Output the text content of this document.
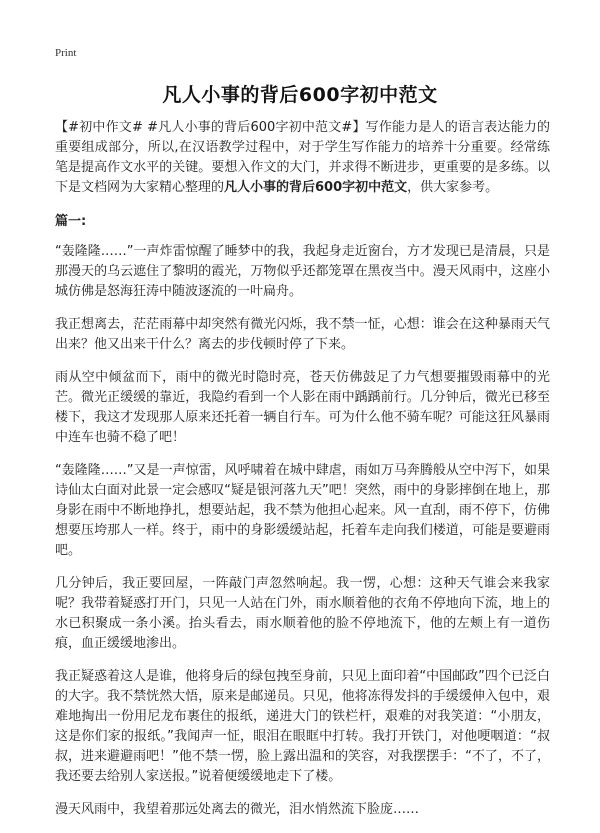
Print
凡人小事的背后600字初中范文

【#初中作文# #凡人小事的背后600字初中范文#】写作能力是人的语言表达能力的重要组成部分，所以,在汉语教学过程中，对于学生写作能力的培养十分重要。经常练笔是提高作文水平的关键。要想入作文的大门，并求得不断进步，更重要的是多练。以下是文档网为大家精心整理的凡人小事的背后600字初中范文，供大家参考。

篇一:

“轰隆隆……”一声炸雷惊醒了睡梦中的我，我起身走近窗台，方才发现已是清晨，只是那漫天的乌云遮住了黎明的霞光，万物似乎还都笼罩在黑夜当中。漫天风雨中，这座小城仿佛是怒海狂涛中随波逐流的一叶扁舟。

我正想离去，茫茫雨幕中却突然有微光闪烁，我不禁一怔，心想：谁会在这种暴雨天气出来？他又出来干什么？离去的步伐顿时停了下来。

雨从空中倾盆而下，雨中的微光时隐时亮，苍天仿佛鼓足了力气想要摧毁雨幕中的光芒。微光正缓缓的靠近，我隐约看到一个人影在雨中踽踽前行。几分钟后，微光已移至楼下，我这才发现那人原来还托着一辆自行车。可为什么他不骑车呢？可能这狂风暴雨中连车也骑不稳了吧！

“轰隆隆……”又是一声惊雷，风呼啸着在城中肆虐，雨如万马奔腾般从空中泻下，如果诗仙太白面对此景一定会感叹“疑是银河落九天”吧！突然，雨中的身影摔倒在地上，那身影在雨中不断地挣扎，想要站起，我不禁为他担心起来。风一直刮，雨不停下，仿佛想要压垮那人一样。终于，雨中的身影缓缓站起，托着车走向我们楼道，可能是要避雨吧。

几分钟后，我正要回屋，一阵敲门声忽然响起。我一愣，心想：这种天气谁会来我家呢？我带着疑惑打开门，只见一人站在门外，雨水顺着他的衣角不停地向下流，地上的水已积聚成一条小溪。抬头看去，雨水顺着他的脸不停地流下，他的左颊上有一道伤痕，血正缓缓地渗出。

我正疑惑着这人是谁，他将身后的绿包拽至身前，只见上面印着“中国邮政”四个已泛白的大字。我不禁恍然大悟，原来是邮递员。只见，他将冻得发抖的手缓缓伸入包中，艰难地掏出一份用尼龙布裹住的报纸，递进大门的铁栏杆，艰难的对我笑道：“小朋友，这是你们家的报纸。”我闻声一怔，眼泪在眼眶中打转。我打开铁门，对他哽咽道：“叔叔，进来避避雨吧！”他不禁一愣，脸上露出温和的笑容，对我摆摆手：“不了，不了，我还要去给别人家送报。”说着便缓缓地走下了楼。

漫天风雨中，我望着那远处离去的微光，泪水悄然流下脸庞……
